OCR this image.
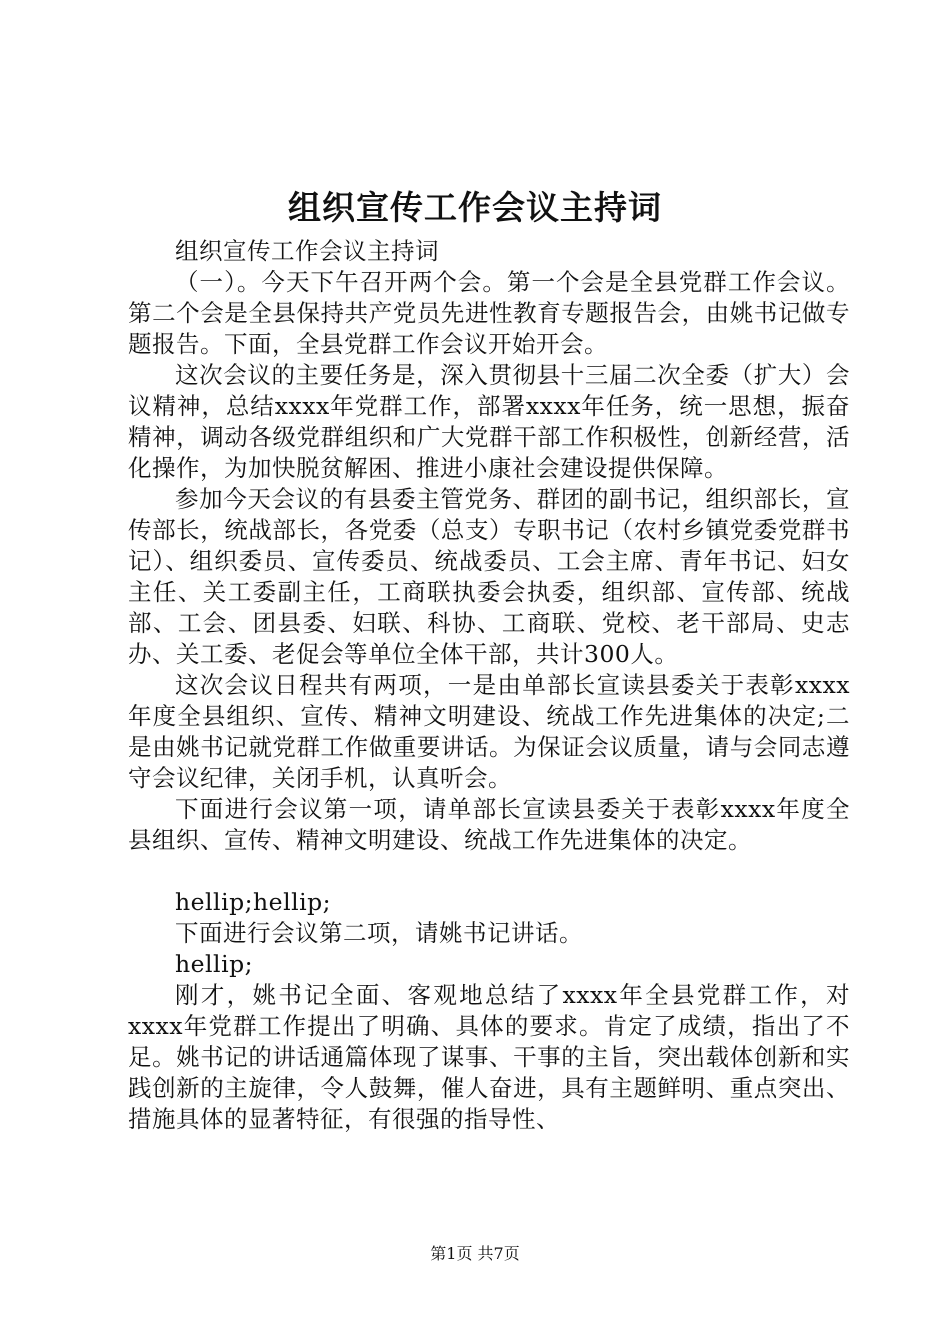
组织宣传工作会议主持词

组织宣传工作会议主持词

（一）。今天下午召开两个会。第一个会是全县党群工作会议。第二个会是全县保持共产党员先进性教育专题报告会，由姚书记做专题报告。下面，全县党群工作会议开始开会。

这次会议的主要任务是，深入贯彻县十三届二次全委（扩大）会议精神，总结xxxx年党群工作，部署xxxx年任务，统一思想，振奋精神，调动各级党群组织和广大党群干部工作积极性，创新经营，活化操作，为加快脱贫解困、推进小康社会建设提供保障。

参加今天会议的有县委主管党务、群团的副书记，组织部长，宣传部长，统战部长，各党委（总支）专职书记（农村乡镇党委党群书记）、组织委员、宣传委员、统战委员、工会主席、青年书记、妇女主任、关工委副主任，工商联执委会执委，组织部、宣传部、统战部、工会、团县委、妇联、科协、工商联、党校、老干部局、史志办、关工委、老促会等单位全体干部，共计300人。

这次会议日程共有两项，一是由单部长宣读县委关于表彰xxxx年度全县组织、宣传、精神文明建设、统战工作先进集体的决定;二是由姚书记就党群工作做重要讲话。为保证会议质量，请与会同志遵守会议纪律，关闭手机，认真听会。

下面进行会议第一项，请单部长宣读县委关于表彰xxxx年度全县组织、宣传、精神文明建设、统战工作先进集体的决定。

hellip;hellip;

下面进行会议第二项，请姚书记讲话。

hellip;

刚才，姚书记全面、客观地总结了xxxx年全县党群工作，对xxxx年党群工作提出了明确、具体的要求。肯定了成绩，指出了不足。姚书记的讲话通篇体现了谋事、干事的主旨，突出载体创新和实践创新的主旋律，令人鼓舞，催人奋进，具有主题鲜明、重点突出、措施具体的显著特征，有很强的指导性、

第1页 共7页
